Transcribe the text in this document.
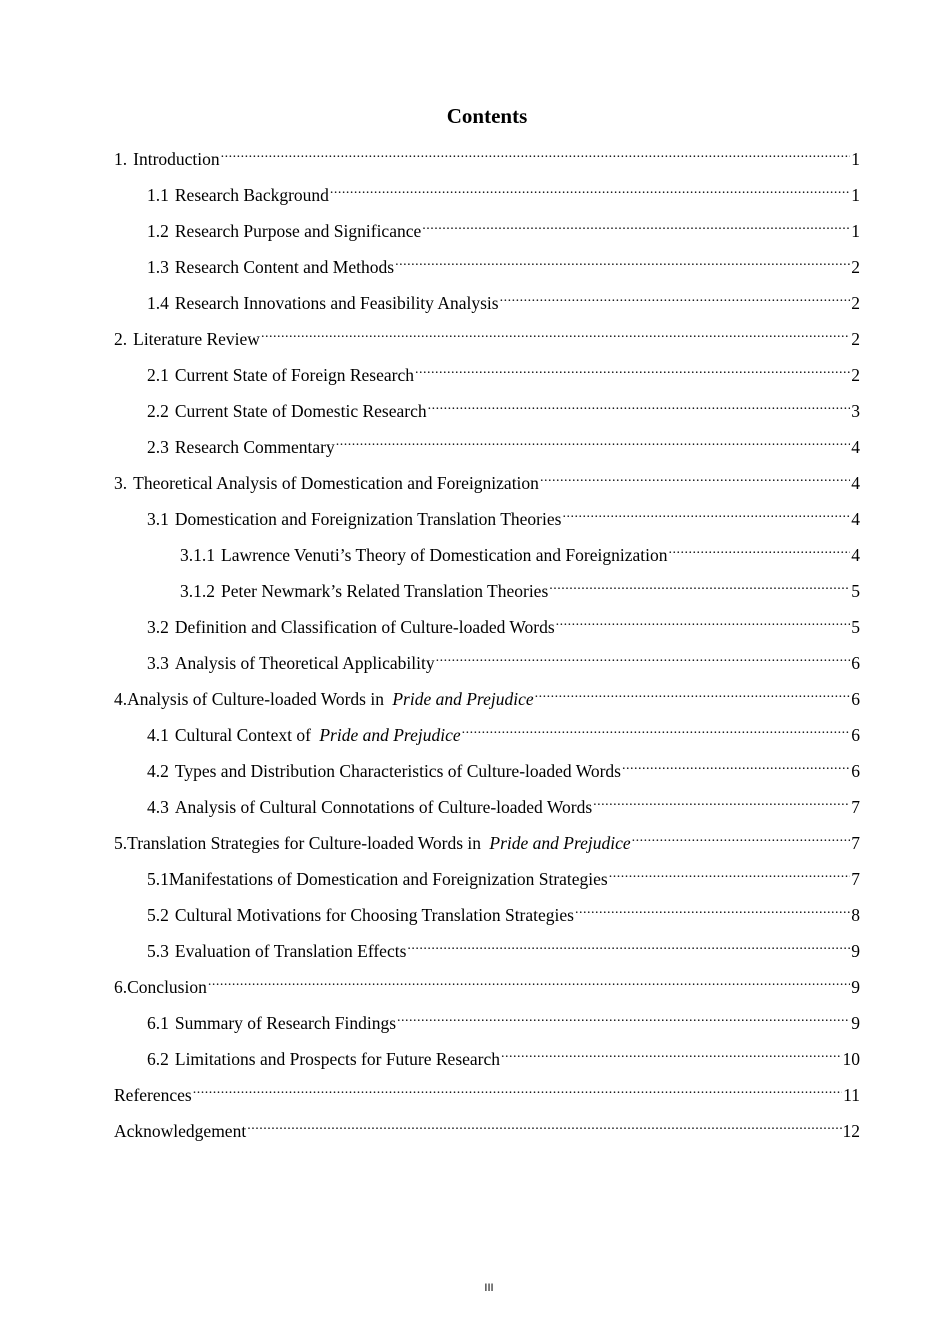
Contents
1. Introduction .....	1
1.1 Research Background .....	1
1.2 Research Purpose and Significance .....	1
1.3 Research Content and Methods .....	2
1.4 Research Innovations and Feasibility Analysis .....	2
2. Literature Review .....	2
2.1 Current State of Foreign Research .....	2
2.2 Current State of Domestic Research .....	3
2.3 Research Commentary .....	4
3. Theoretical Analysis of Domestication and Foreignization .....	4
3.1 Domestication and Foreignization Translation Theories .....	4
3.1.1 Lawrence Venuti’s Theory of Domestication and Foreignization .....	4
3.1.2 Peter Newmark’s Related Translation Theories .....	5
3.2 Definition and Classification of Culture-loaded Words .....	5
3.3 Analysis of Theoretical Applicability .....	6
4.Analysis of Culture-loaded Words in Pride and Prejudice .....	6
4.1 Cultural Context of Pride and Prejudice .....	6
4.2 Types and Distribution Characteristics of Culture-loaded Words .....	6
4.3 Analysis of Cultural Connotations of Culture-loaded Words .....	7
5.Translation Strategies for Culture-loaded Words in Pride and Prejudice .....	7
5.1Manifestations of Domestication and Foreignization Strategies .....	7
5.2 Cultural Motivations for Choosing Translation Strategies .....	8
5.3 Evaluation of Translation Effects .....	9
6.Conclusion .....	9
6.1 Summary of Research Findings .....	9
6.2 Limitations and Prospects for Future Research .....	10
References .....	11
Acknowledgement .....	12
III
